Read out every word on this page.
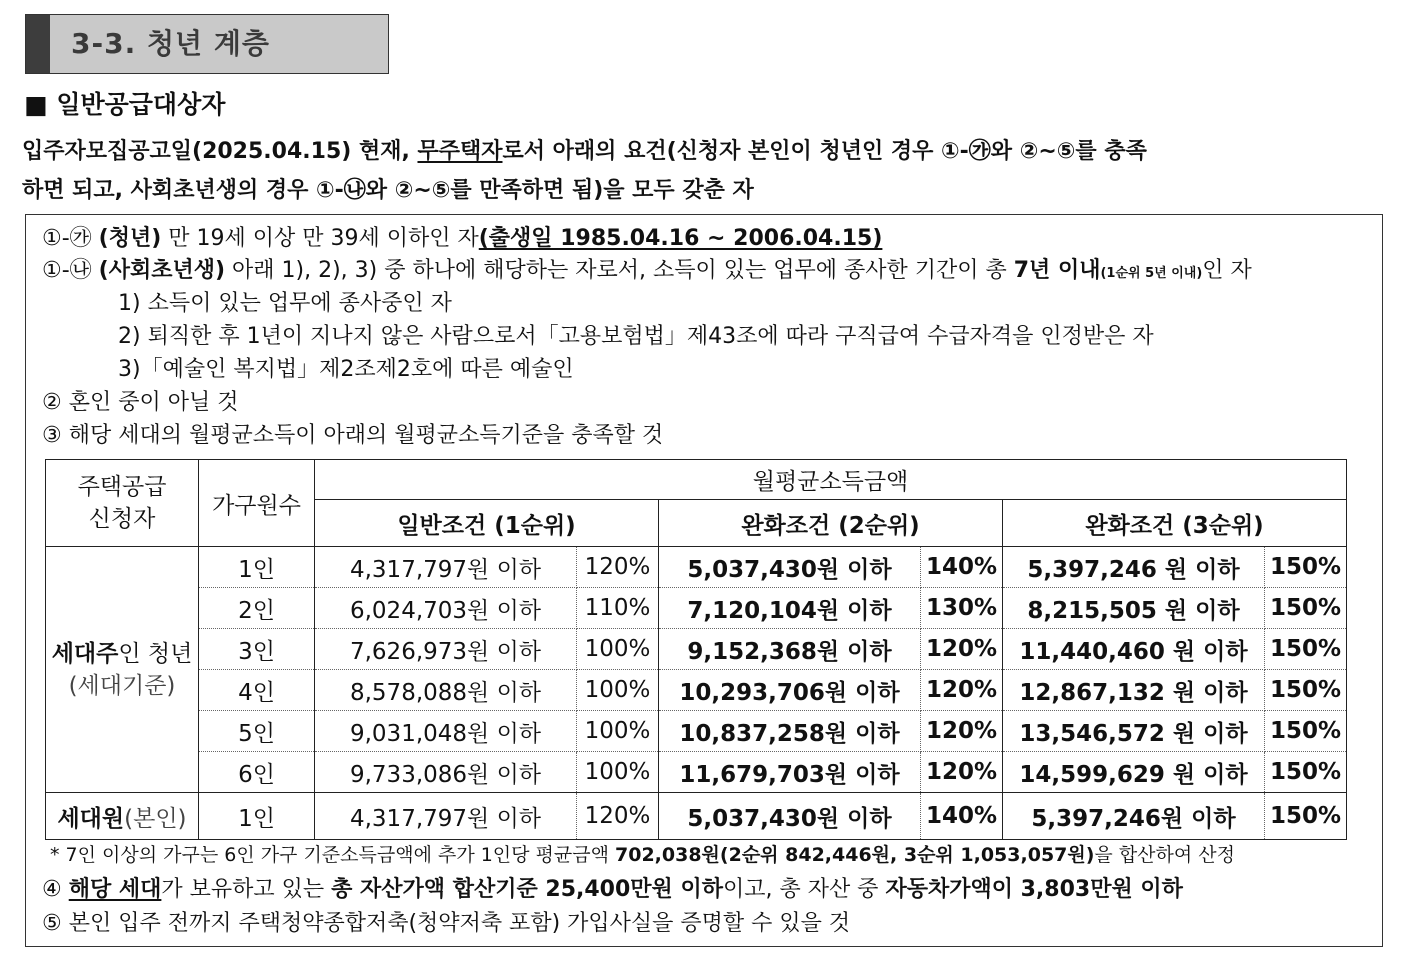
3-3. 청년 계층
■ 일반공급대상자
입주자모집공고일(2025.04.15) 현재, 무주택자로서 아래의 요건(신청자 본인이 청년인 경우 ①-㉮와 ②~⑤를 충족
하면 되고, 사회초년생의 경우 ①-㉯와 ②~⑤를 만족하면 됨)을 모두 갖춘 자
①-㉮ (청년) 만 19세 이상 만 39세 이하인 자(출생일 1985.04.16 ~ 2006.04.15)
①-㉯ (사회초년생) 아래 1), 2), 3) 중 하나에 해당하는 자로서, 소득이 있는 업무에 종사한 기간이 총 7년 이내(1순위 5년 이내)인 자
1) 소득이 있는 업무에 종사중인 자
2) 퇴직한 후 1년이 지나지 않은 사람으로서「고용보험법」제43조에 따라 구직급여 수급자격을 인정받은 자
3)「예술인 복지법」제2조제2호에 따른 예술인
② 혼인 중이 아닐 것
③ 해당 세대의 월평균소득이 아래의 월평균소득기준을 충족할 것
주택공급
신청자	가구원수	월평균소득금액					
		일반조건 (1순위)		완화조건 (2순위)		완화조건 (3순위)	
세대주인 청년
(세대기준)	1인	4,317,797원 이하	120%	5,037,430원 이하	140%	5,397,246 원 이하	150%
	2인	6,024,703원 이하	110%	7,120,104원 이하	130%	8,215,505 원 이하	150%
	3인	7,626,973원 이하	100%	9,152,368원 이하	120%	11,440,460 원 이하	150%
	4인	8,578,088원 이하	100%	10,293,706원 이하	120%	12,867,132 원 이하	150%
	5인	9,031,048원 이하	100%	10,837,258원 이하	120%	13,546,572 원 이하	150%
	6인	9,733,086원 이하	100%	11,679,703원 이하	120%	14,599,629 원 이하	150%
세대원(본인)	1인	4,317,797원 이하	120%	5,037,430원 이하	140%	5,397,246원 이하	150%
* 7인 이상의 가구는 6인 가구 기준소득금액에 추가 1인당 평균금액 702,038원(2순위 842,446원, 3순위 1,053,057원)을 합산하여 산정
④ 해당 세대가 보유하고 있는 총 자산가액 합산기준 25,400만원 이하이고, 총 자산 중 자동차가액이 3,803만원 이하
⑤ 본인 입주 전까지 주택청약종합저축(청약저축 포함) 가입사실을 증명할 수 있을 것
